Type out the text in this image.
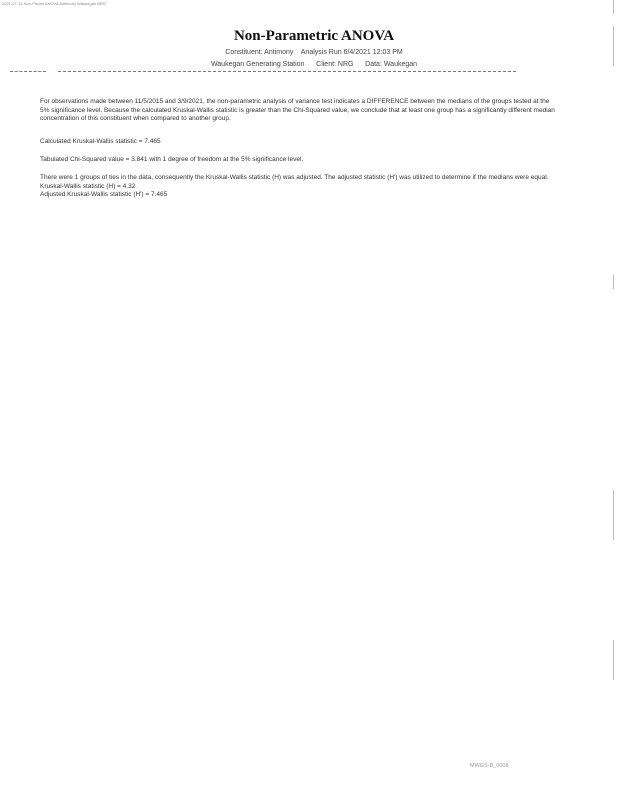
2021-07-13 Non-Param ANOVA Antimony Waukegan BRG
Non-Parametric ANOVA
Constituent: Antimony Analysis Run 6/4/2021 12:03 PM
Waukegan Generating Station Client: NRG Data: Waukegan
For observations made between 11/5/2015 and 3/9/2021, the non-parametric analysis of variance test indicates a DIFFERENCE between the medians of the groups tested at the 5% significance level. Because the calculated Kruskal-Wallis statistic is greater than the Chi-Squared value, we conclude that at least one group has a significantly different median concentration of this constituent when compared to another group.
Calculated Kruskal-Wallis statistic = 7.465
Tabulated Chi-Squared value = 3.841 with 1 degree of freedom at the 5% significance level.
There were 1 groups of ties in the data, consequently the Kruskal-Wallis statistic (H) was adjusted. The adjusted statistic (H') was utilized to determine if the medians were equal.
Kruskal-Wallis statistic (H) = 4.32
Adjusted Kruskal-Wallis statistic (H') = 7.465
MWGS-B_0008
